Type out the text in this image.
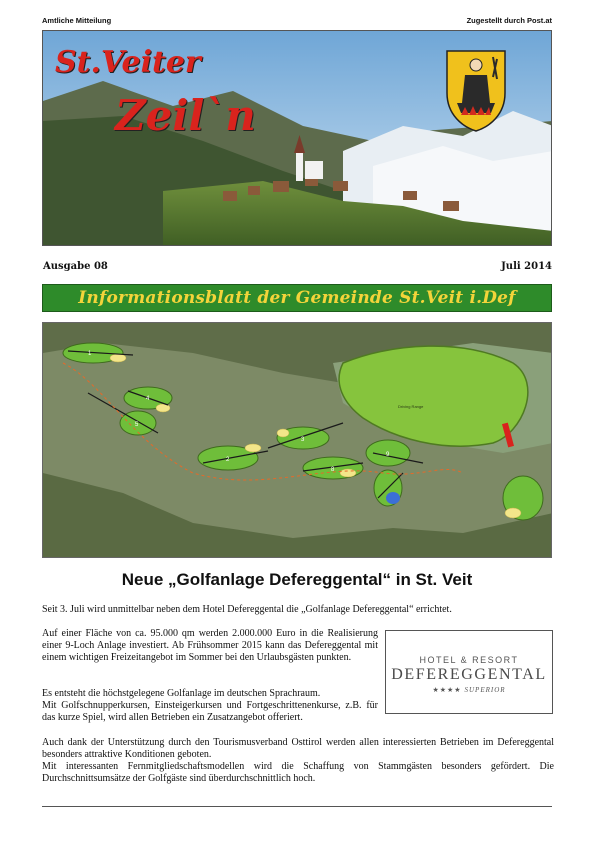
Amtliche Mitteilung	Zugestellt durch Post.at
St.Veiter
Zeil`n
Ausgabe 08	Juli 2014
Informationsblatt der Gemeinde St.Veit i.Def
Driving Range
1
4
5
2
3
8
9
Neue „Golfanlage Defereggental“ in St. Veit
Seit 3. Juli wird unmittelbar neben dem Hotel Defereggental die „Golfanlage Defereggental“ errichtet.
Auf einer Fläche von ca. 95.000 qm werden 2.000.000 Euro in die Realisierung einer 9-Loch Anlage investiert. Ab Frühsommer 2015 kann das Defereggental mit einem wichtigen Freizeitangebot im Sommer bei den Urlaubsgästen punkten.
Es entsteht die höchstgelegene Golfanlage im deutschen Sprachraum.
Mit Golfschnupperkursen, Einsteigerkursen und Fortgeschrittenenkurse, z.B. für das kurze Spiel, wird allen Betrieben ein Zusatzangebot offeriert.
Auch dank der Unterstützung durch den Tourismusverband Osttirol werden allen interessierten Betrieben im Defereggental besonders attraktive Konditionen geboten.
Mit interessanten Fernmitgliedschaftsmodellen wird die Schaffung von Stammgästen besonders gefördert. Die Durchschnittsumsätze der Golfgäste sind überdurchschnittlich hoch.
HOTEL & RESORT
DEFEREGGENTAL
★★★★ SUPERIOR
